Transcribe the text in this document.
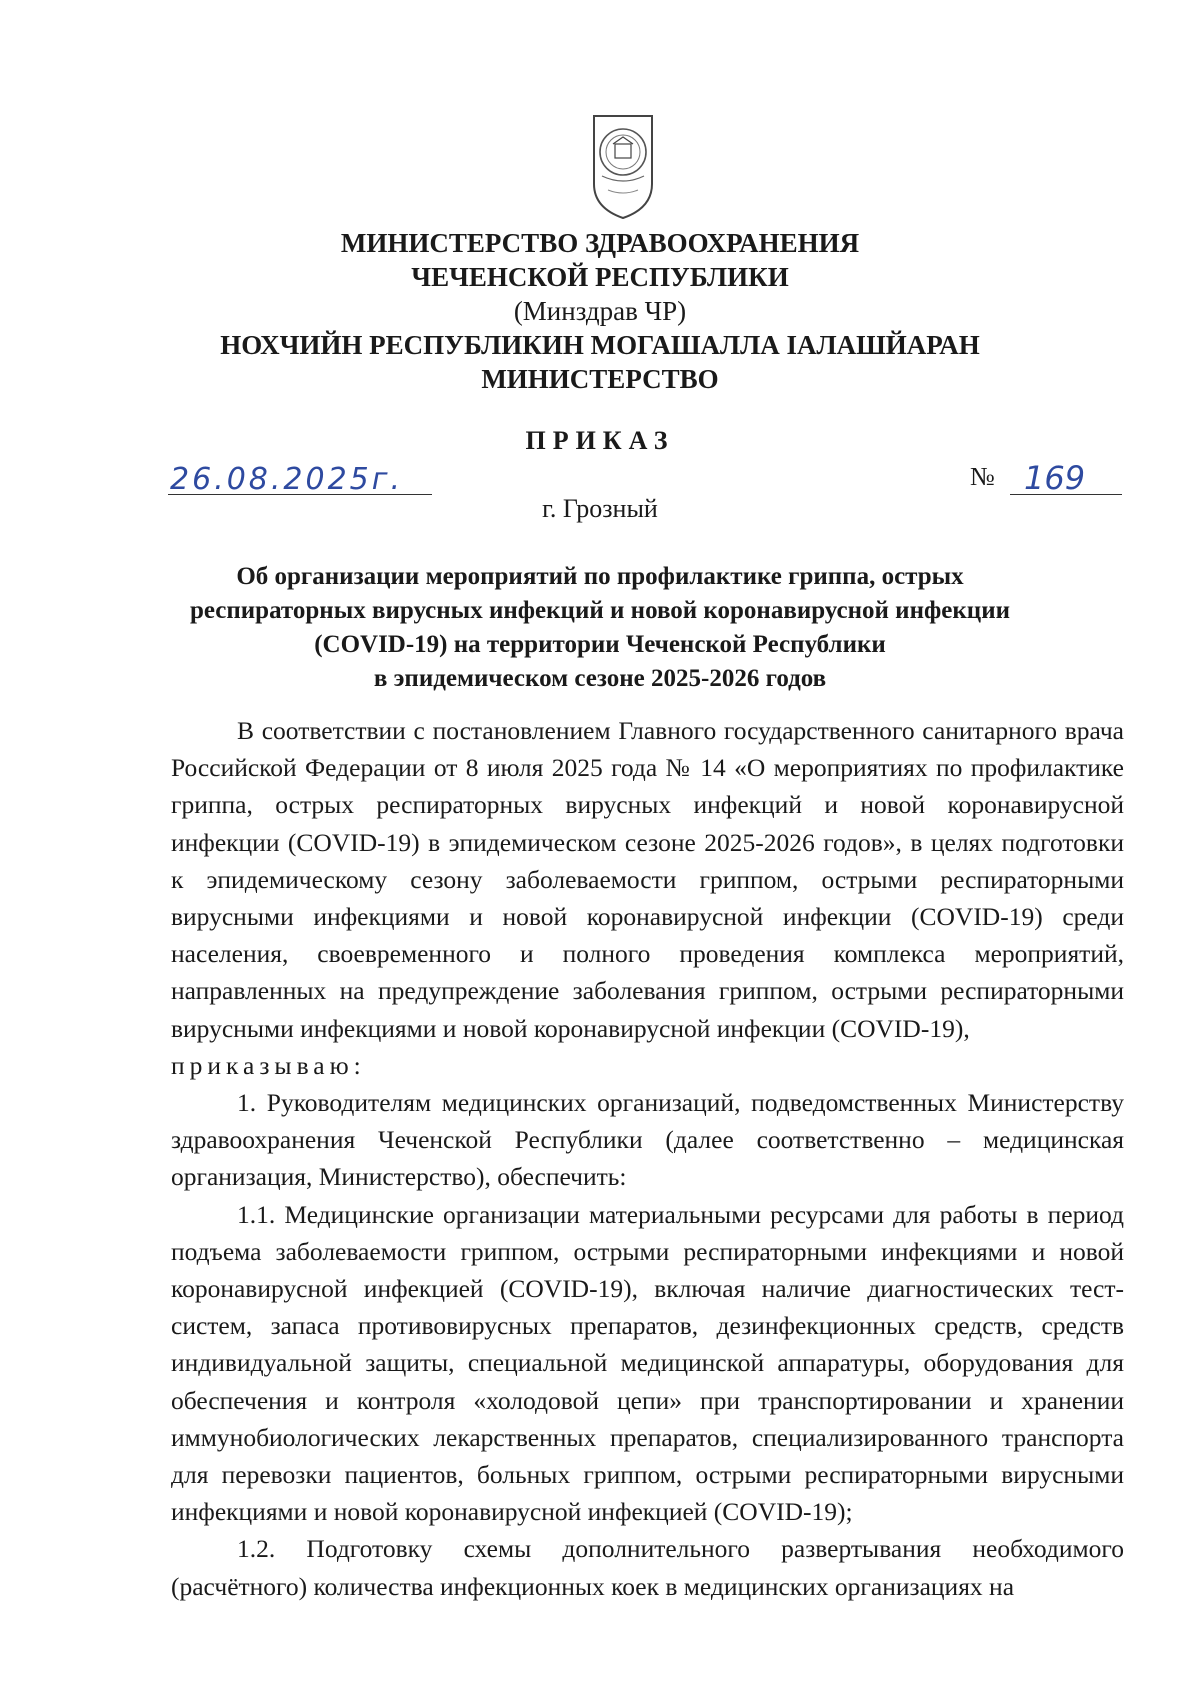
МИНИСТЕРСТВО ЗДРАВООХРАНЕНИЯ
ЧЕЧЕНСКОЙ РЕСПУБЛИКИ
(Минздрав ЧР)
НОХЧИЙН РЕСПУБЛИКИН МОГАШАЛЛА IАЛАШЙАРАН
МИНИСТЕРСТВО
ПРИКАЗ
26.08.2025г.	№ 169
г. Грозный
Об организации мероприятий по профилактике гриппа, острых
респираторных вирусных инфекций и новой коронавирусной инфекции
(COVID-19) на территории Чеченской Республики
в эпидемическом сезоне 2025-2026 годов

В соответствии с постановлением Главного государственного санитарного врача Российской Федерации от 8 июля 2025 года № 14 «О мероприятиях по профилактике гриппа, острых респираторных вирусных инфекций и новой коронавирусной инфекции (COVID-19) в эпидемическом сезоне 2025-2026 годов», в целях подготовки к эпидемическому сезону заболеваемости гриппом, острыми респираторными вирусными инфекциями и новой коронавирусной инфекции (COVID-19) среди населения, своевременного и полного проведения комплекса мероприятий, направленных на предупреждение заболевания гриппом, острыми респираторными вирусными инфекциями и новой коронавирусной инфекции (COVID-19),

приказываю:

1. Руководителям медицинских организаций, подведомственных Министерству здравоохранения Чеченской Республики (далее соответственно – медицинская организация, Министерство), обеспечить:

1.1. Медицинские организации материальными ресурсами для работы в период подъема заболеваемости гриппом, острыми респираторными инфекциями и новой коронавирусной инфекцией (COVID-19), включая наличие диагностических тест-систем, запаса противовирусных препаратов, дезинфекционных средств, средств индивидуальной защиты, специальной медицинской аппаратуры, оборудования для обеспечения и контроля «холодовой цепи» при транспортировании и хранении иммунобиологических лекарственных препаратов, специализированного транспорта для перевозки пациентов, больных гриппом, острыми респираторными вирусными инфекциями и новой коронавирусной инфекцией (COVID-19);

1.2. Подготовку схемы дополнительного развертывания необходимого (расчётного) количества инфекционных коек в медицинских организациях на
